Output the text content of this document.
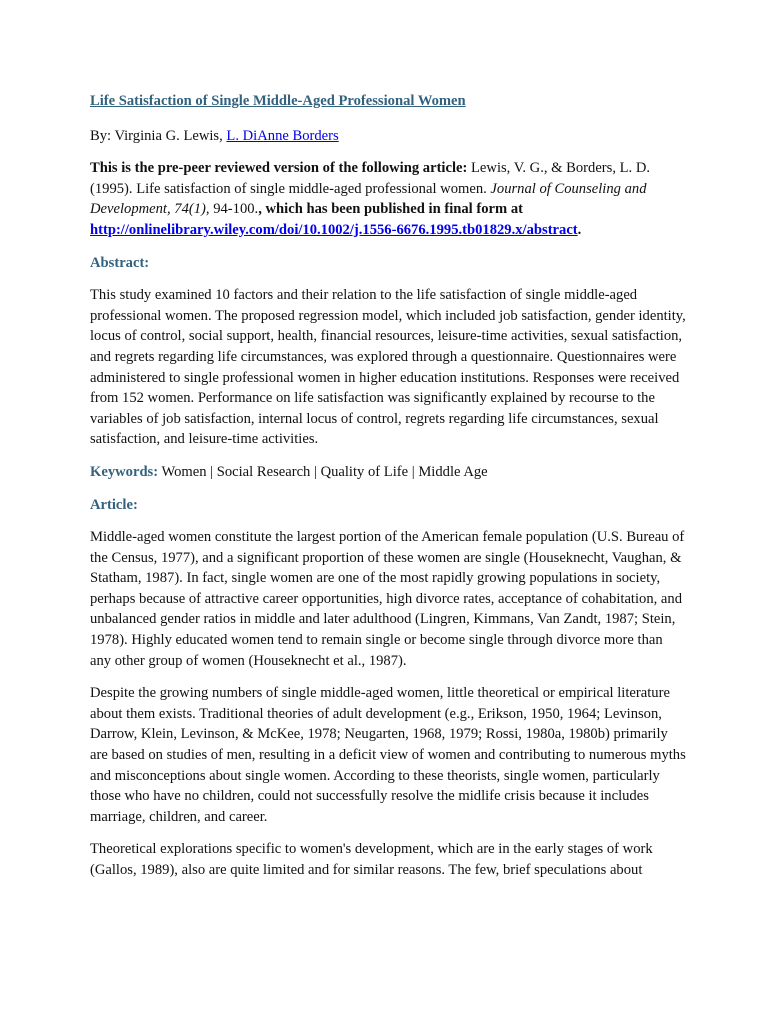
Life Satisfaction of Single Middle-Aged Professional Women

By: Virginia G. Lewis, L. DiAnne Borders

This is the pre-peer reviewed version of the following article: Lewis, V. G., & Borders, L. D. (1995). Life satisfaction of single middle-aged professional women. Journal of Counseling and Development, 74(1), 94-100., which has been published in final form at http://onlinelibrary.wiley.com/doi/10.1002/j.1556-6676.1995.tb01829.x/abstract.

Abstract:

This study examined 10 factors and their relation to the life satisfaction of single middle-aged professional women. The proposed regression model, which included job satisfaction, gender identity, locus of control, social support, health, financial resources, leisure-time activities, sexual satisfaction, and regrets regarding life circumstances, was explored through a questionnaire. Questionnaires were administered to single professional women in higher education institutions. Responses were received from 152 women. Performance on life satisfaction was significantly explained by recourse to the variables of job satisfaction, internal locus of control, regrets regarding life circumstances, sexual satisfaction, and leisure-time activities.

Keywords: Women | Social Research | Quality of Life | Middle Age

Article:

Middle-aged women constitute the largest portion of the American female population (U.S. Bureau of the Census, 1977), and a significant proportion of these women are single (Houseknecht, Vaughan, & Statham, 1987). In fact, single women are one of the most rapidly growing populations in society, perhaps because of attractive career opportunities, high divorce rates, acceptance of cohabitation, and unbalanced gender ratios in middle and later adulthood (Lingren, Kimmans, Van Zandt, 1987; Stein, 1978). Highly educated women tend to remain single or become single through divorce more than any other group of women (Houseknecht et al., 1987).

Despite the growing numbers of single middle-aged women, little theoretical or empirical literature about them exists. Traditional theories of adult development (e.g., Erikson, 1950, 1964; Levinson, Darrow, Klein, Levinson, & McKee, 1978; Neugarten, 1968, 1979; Rossi, 1980a, 1980b) primarily are based on studies of men, resulting in a deficit view of women and contributing to numerous myths and misconceptions about single women. According to these theorists, single women, particularly those who have no children, could not successfully resolve the midlife crisis because it includes marriage, children, and career.

Theoretical explorations specific to women's development, which are in the early stages of work (Gallos, 1989), also are quite limited and for similar reasons. The few, brief speculations about
